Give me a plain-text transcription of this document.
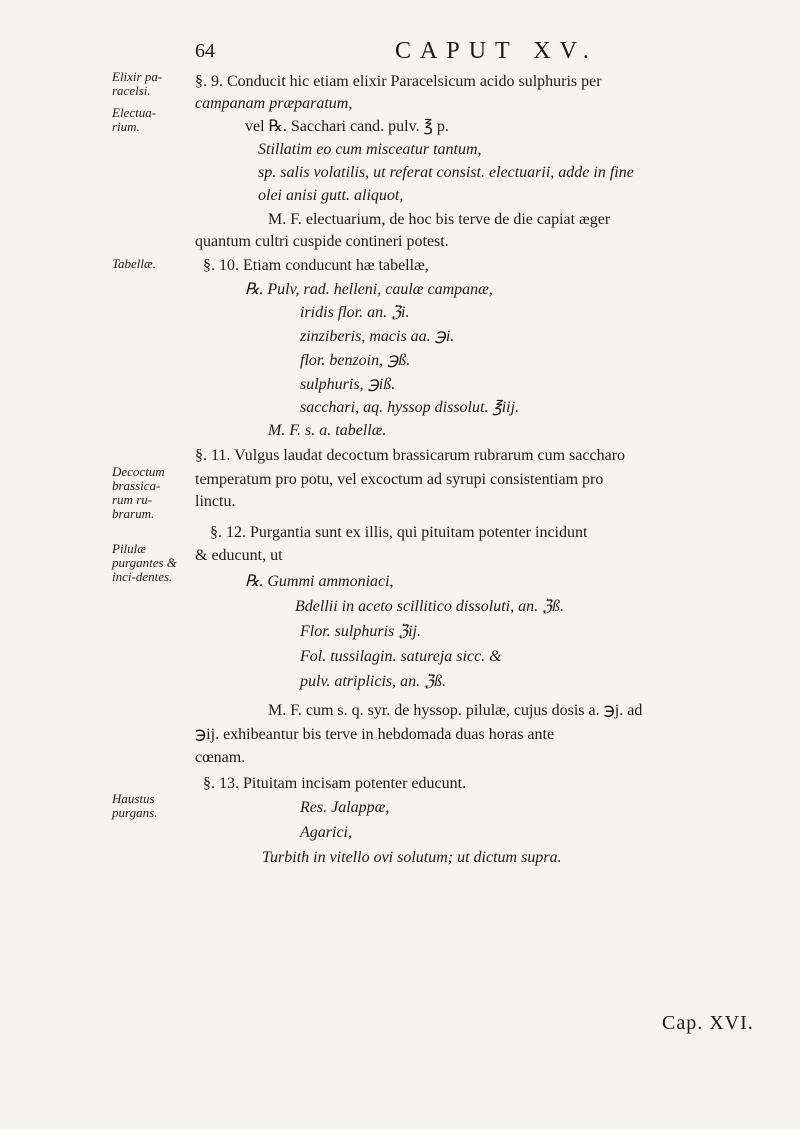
64	CAPUT XV.
Elixir pa-racelsi.
Electua-rium.
Tabellæ.
Decoctum brassica-rum ru-brarum.
Pilulæ purgantes & inci-dentes.
Haustus purgans.
§. 9. Conducit hic etiam elixir Paracelsicum acido sulphuris per
campanam præparatum,
vel ℞. Sacchari cand. pulv. ℥ p.
Stillatim eo cum misceatur tantum,
sp. salis volatilis, ut referat consist. electuarii, adde in fine
olei anisi gutt. aliquot,
M. F. electuarium, de hoc bis terve de die capiat æger
quantum cultri cuspide contineri potest.
§. 10. Etiam conducunt hæ tabellæ,
℞. Pulv, rad. helleni, caulæ campanæ,
iridis flor. an. ℨi.
zinziberis, macis aa. ℈i.
flor. benzoin, ℈ß.
sulphuris, ℈iß.
sacchari, aq. hyssop dissolut. ℥iij.
M. F. s. a. tabellæ.
§. 11. Vulgus laudat decoctum brassicarum rubrarum cum saccharo
temperatum pro potu, vel excoctum ad syrupi consistentiam pro
linctu.
§. 12. Purgantia sunt ex illis, qui pituitam potenter incidunt
& educunt, ut
℞. Gummi ammoniaci,
Bdellii in aceto scillitico dissoluti, an. ℨß.
Flor. sulphuris ℨij.
Fol. tussilagin. satureja sicc. &
pulv. atriplicis, an. ℨß.
M. F. cum s. q. syr. de hyssop. pilulæ, cujus dosis a. ℈j. ad
℈ij. exhibeantur bis terve in hebdomada duas horas ante
cœnam.
§. 13. Pituitam incisam potenter educunt.
Res. Jalappæ,
Agarici,
Turbith in vitello ovi solutum; ut dictum supra.
Cap. XVI.
